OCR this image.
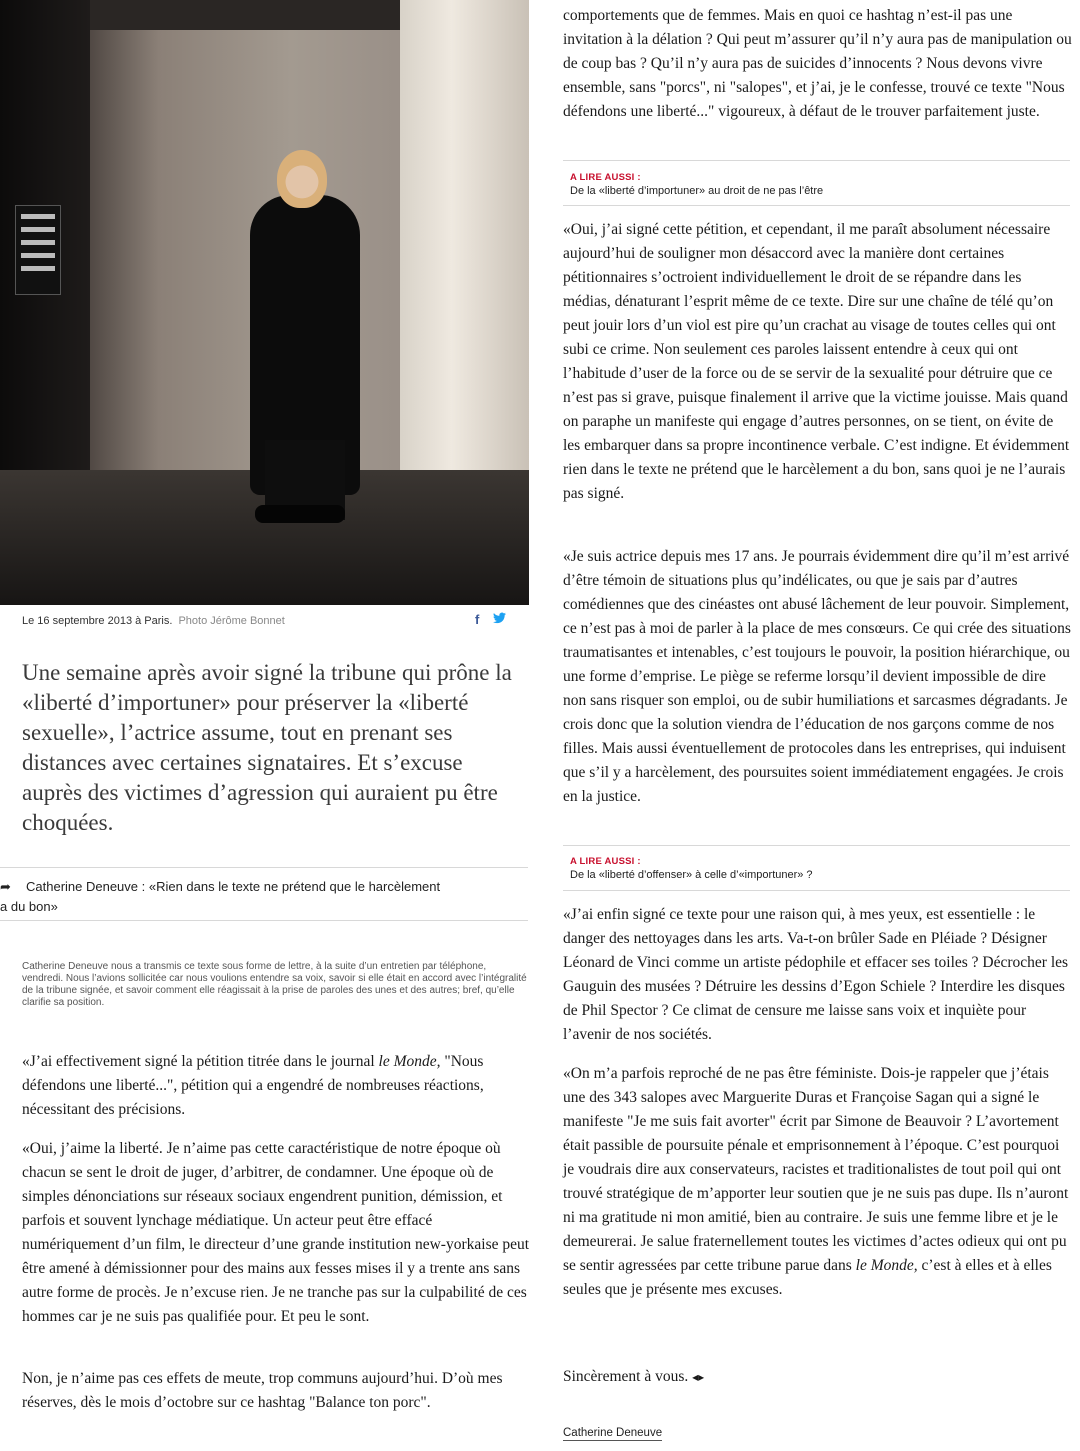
Le 16 septembre 2013 à Paris. Photo Jérôme Bonnet	f

Une semaine après avoir signé la tribune qui prône la «liberté d’importuner» pour préserver la «liberté sexuelle», l’actrice assume, tout en prenant ses distances avec certaines signataires. Et s’excuse auprès des victimes d’agression qui auraient pu être choquées.

➦	Catherine Deneuve : «Rien dans le texte ne prétend que le harcèlement
a du bon»

Catherine Deneuve nous a transmis ce texte sous forme de lettre, à la suite d’un entretien par téléphone, vendredi. Nous l’avions sollicitée car nous voulions entendre sa voix, savoir si elle était en accord avec l’intégralité de la tribune signée, et savoir comment elle réagissait à la prise de paroles des unes et des autres; bref, qu’elle clarifie sa position.

«J’ai effectivement signé la pétition titrée dans le journal le Monde, "Nous défendons une liberté...", pétition qui a engendré de nombreuses réactions, nécessitant des précisions.

«Oui, j’aime la liberté. Je n’aime pas cette caractéristique de notre époque où chacun se sent le droit de juger, d’arbitrer, de condamner. Une époque où de simples dénonciations sur réseaux sociaux engendrent punition, démission, et parfois et souvent lynchage médiatique. Un acteur peut être effacé numériquement d’un film, le directeur d’une grande institution new-yorkaise peut être amené à démissionner pour des mains aux fesses mises il y a trente ans sans autre forme de procès. Je n’excuse rien. Je ne tranche pas sur la culpabilité de ces hommes car je ne suis pas qualifiée pour. Et peu le sont.

Non, je n’aime pas ces effets de meute, trop communs aujourd’hui. D’où mes réserves, dès le mois d’octobre sur ce hashtag "Balance ton porc".

comportements que de femmes. Mais en quoi ce hashtag n’est-il pas une invitation à la délation ? Qui peut m’assurer qu’il n’y aura pas de manipulation ou de coup bas ? Qu’il n’y aura pas de suicides d’innocents ? Nous devons vivre ensemble, sans "porcs", ni "salopes", et j’ai, je le confesse, trouvé ce texte "Nous défendons une liberté..." vigoureux, à défaut de le trouver parfaitement juste.

A LIRE AUSSI :
De la «liberté d’importuner» au droit de ne pas l’être

«Oui, j’ai signé cette pétition, et cependant, il me paraît absolument nécessaire aujourd’hui de souligner mon désaccord avec la manière dont certaines pétitionnaires s’octroient individuellement le droit de se répandre dans les médias, dénaturant l’esprit même de ce texte. Dire sur une chaîne de télé qu’on peut jouir lors d’un viol est pire qu’un crachat au visage de toutes celles qui ont subi ce crime. Non seulement ces paroles laissent entendre à ceux qui ont l’habitude d’user de la force ou de se servir de la sexualité pour détruire que ce n’est pas si grave, puisque finalement il arrive que la victime jouisse. Mais quand on paraphe un manifeste qui engage d’autres personnes, on se tient, on évite de les embarquer dans sa propre incontinence verbale. C’est indigne. Et évidemment rien dans le texte ne prétend que le harcèlement a du bon, sans quoi je ne l’aurais pas signé.

«Je suis actrice depuis mes 17 ans. Je pourrais évidemment dire qu’il m’est arrivé d’être témoin de situations plus qu’indélicates, ou que je sais par d’autres comédiennes que des cinéastes ont abusé lâchement de leur pouvoir. Simplement, ce n’est pas à moi de parler à la place de mes consœurs. Ce qui crée des situations traumatisantes et intenables, c’est toujours le pouvoir, la position hiérarchique, ou une forme d’emprise. Le piège se referme lorsqu’il devient impossible de dire non sans risquer son emploi, ou de subir humiliations et sarcasmes dégradants. Je crois donc que la solution viendra de l’éducation de nos garçons comme de nos filles. Mais aussi éventuellement de protocoles dans les entreprises, qui induisent que s’il y a harcèlement, des poursuites soient immédiatement engagées. Je crois en la justice.

A LIRE AUSSI :
De la «liberté d’offenser» à celle d’«importuner» ?

«J’ai enfin signé ce texte pour une raison qui, à mes yeux, est essentielle : le danger des nettoyages dans les arts. Va-t-on brûler Sade en Pléiade ? Désigner Léonard de Vinci comme un artiste pédophile et effacer ses toiles ? Décrocher les Gauguin des musées ? Détruire les dessins d’Egon Schiele ? Interdire les disques de Phil Spector ? Ce climat de censure me laisse sans voix et inquiète pour l’avenir de nos sociétés.

«On m’a parfois reproché de ne pas être féministe. Dois-je rappeler que j’étais une des 343 salopes avec Marguerite Duras et Françoise Sagan qui a signé le manifeste "Je me suis fait avorter" écrit par Simone de Beauvoir ? L’avortement était passible de poursuite pénale et emprisonnement à l’époque. C’est pourquoi je voudrais dire aux conservateurs, racistes et traditionalistes de tout poil qui ont trouvé stratégique de m’apporter leur soutien que je ne suis pas dupe. Ils n’auront ni ma gratitude ni mon amitié, bien au contraire. Je suis une femme libre et je le demeurerai. Je salue fraternellement toutes les victimes d’actes odieux qui ont pu se sentir agressées par cette tribune parue dans le Monde, c’est à elles et à elles seules que je présente mes excuses.

Sincèrement à vous. ◂▸

Catherine Deneuve
